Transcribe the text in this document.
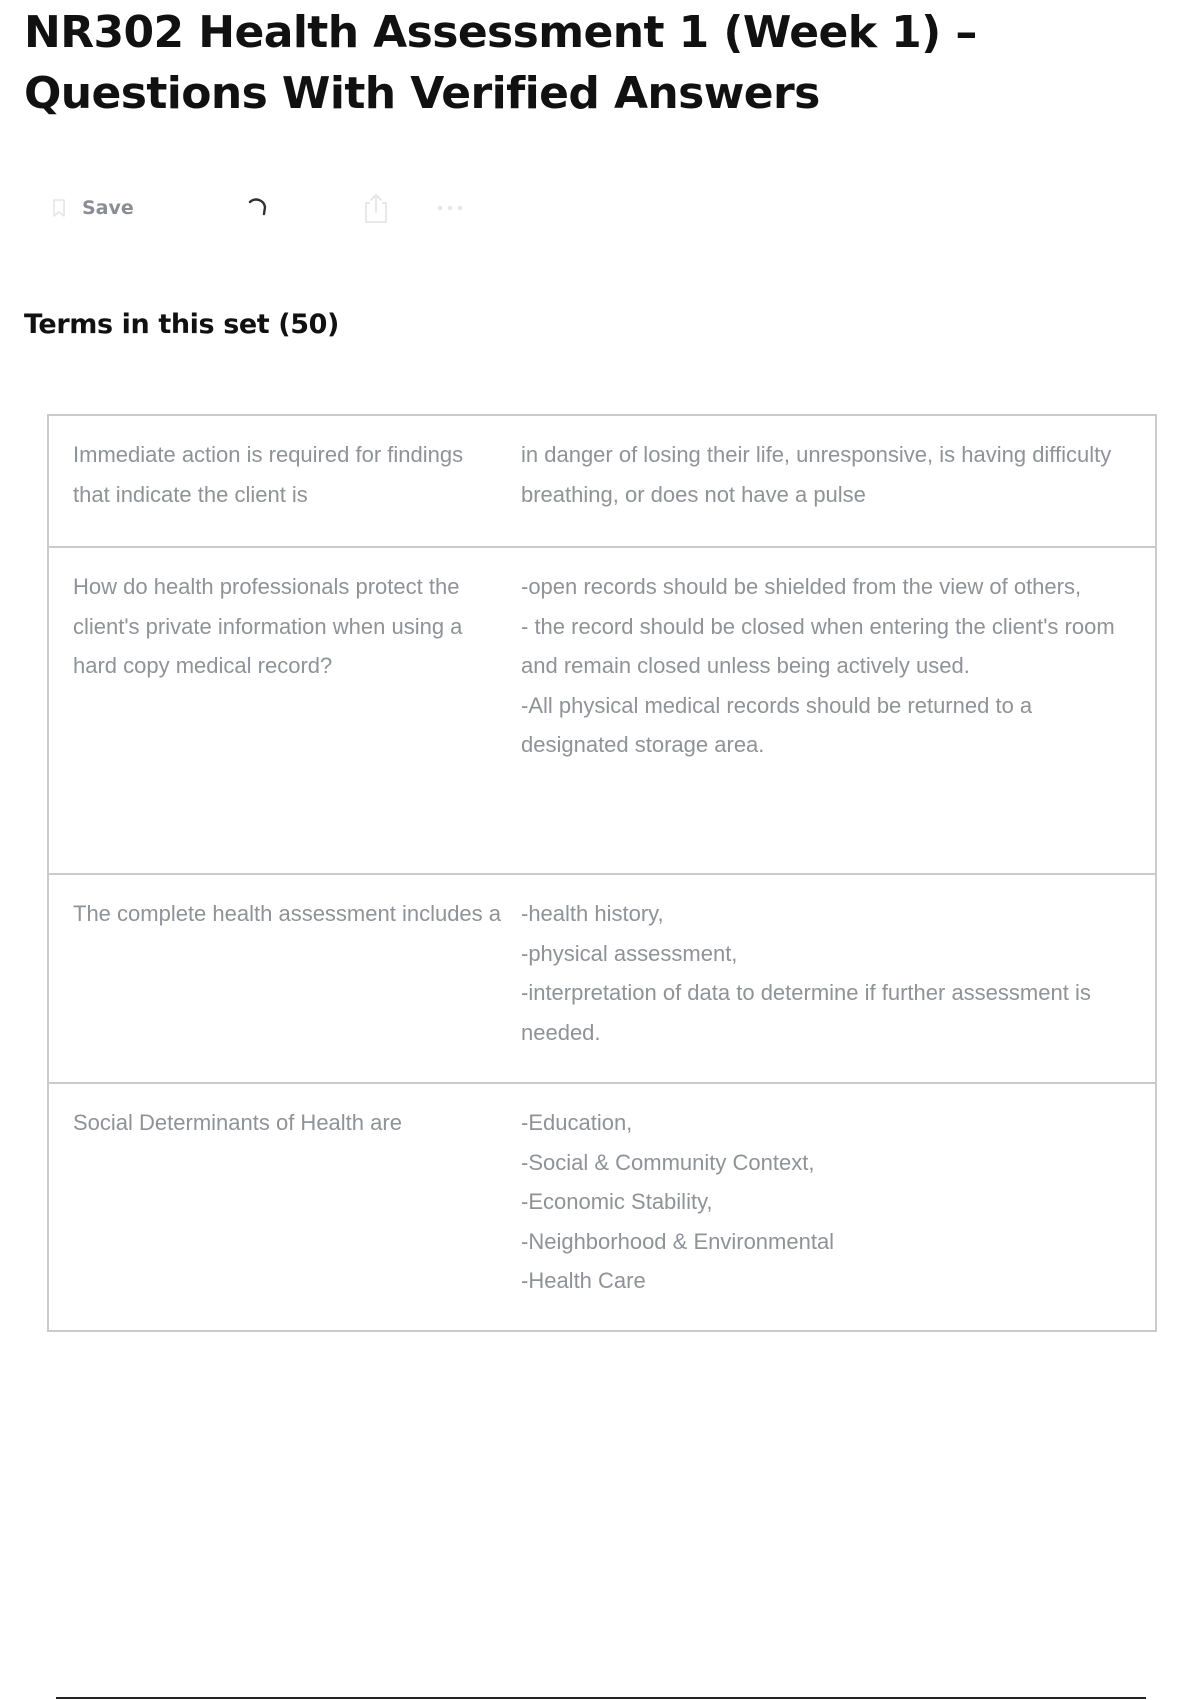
NR302 Health Assessment 1 (Week 1) – Questions With Verified Answers
Save
Terms in this set (50)
Immediate action is required for findings that indicate the client is
in danger of losing their life, unresponsive, is having difficulty breathing, or does not have a pulse
How do health professionals protect the client's private information when using a hard copy medical record?
-open records should be shielded from the view of others,
- the record should be closed when entering the client's room and remain closed unless being actively used.
-All physical medical records should be returned to a designated storage area.
The complete health assessment includes a -health history,
-physical assessment,
-interpretation of data to determine if further assessment is needed.
Social Determinants of Health are	-Education,
-Social & Community Context,
-Economic Stability,
-Neighborhood & Environmental
-Health Care
